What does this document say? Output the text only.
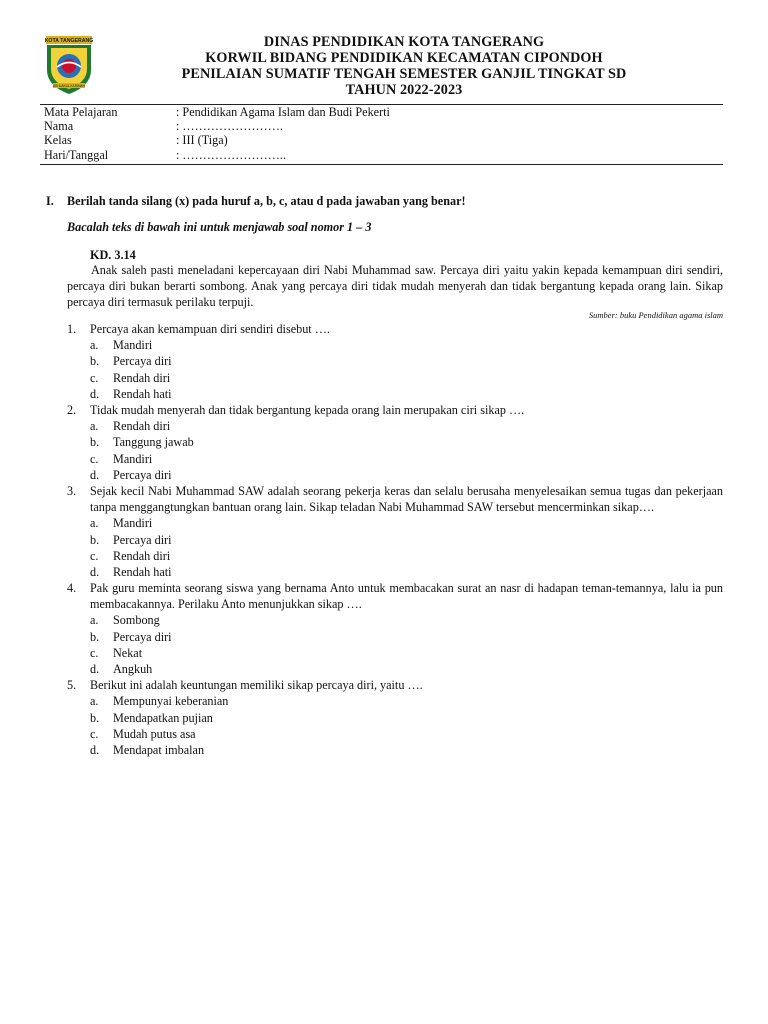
KOTA TANGERANG
AKHLAKUL KARIMAH
DINAS PENDIDIKAN KOTA TANGERANG
KORWIL BIDANG PENDIDIKAN KECAMATAN CIPONDOH
PENILAIAN SUMATIF TENGAH SEMESTER GANJIL TINGKAT SD
TAHUN 2022-2023
Mata Pelajaran	: Pendidikan Agama Islam dan Budi Pekerti
Nama	: …………………….
Kelas	: III (Tiga)
Hari/Tanggal	: ……………………..
I. Berilah tanda silang (x) pada huruf a, b, c, atau d pada jawaban yang benar!
Bacalah teks di bawah ini untuk menjawab soal nomor 1 – 3
KD. 3.14
Anak saleh pasti meneladani kepercayaan diri Nabi Muhammad saw. Percaya diri yaitu yakin kepada kemampuan diri sendiri, percaya diri bukan berarti sombong. Anak yang percaya diri tidak mudah menyerah dan tidak bergantung kepada orang lain. Sikap percaya diri termasuk perilaku terpuji.
Sumber: buku Pendidikan agama islam
1.	Percaya akan kemampuan diri sendiri disebut ….
a.	Mandiri
b.	Percaya diri
c.	Rendah diri
d.	Rendah hati
2.	Tidak mudah menyerah dan tidak bergantung kepada orang lain merupakan ciri sikap ….
a.	Rendah diri
b.	Tanggung jawab
c.	Mandiri
d.	Percaya diri
3.	Sejak kecil Nabi Muhammad SAW adalah seorang pekerja keras dan selalu berusaha menyelesaikan semua tugas dan pekerjaan tanpa menggangtungkan bantuan orang lain. Sikap teladan Nabi Muhammad SAW tersebut mencerminkan sikap….
a.	Mandiri
b.	Percaya diri
c.	Rendah diri
d.	Rendah hati
4.	Pak guru meminta seorang siswa yang bernama Anto untuk membacakan surat an nasr di hadapan teman-temannya, lalu ia pun membacakannya. Perilaku Anto menunjukkan sikap ….
a.	Sombong
b.	Percaya diri
c.	Nekat
d.	Angkuh
5.	Berikut ini adalah keuntungan memiliki sikap percaya diri, yaitu ….
a.	Mempunyai keberanian
b.	Mendapatkan pujian
c.	Mudah putus asa
d.	Mendapat imbalan
